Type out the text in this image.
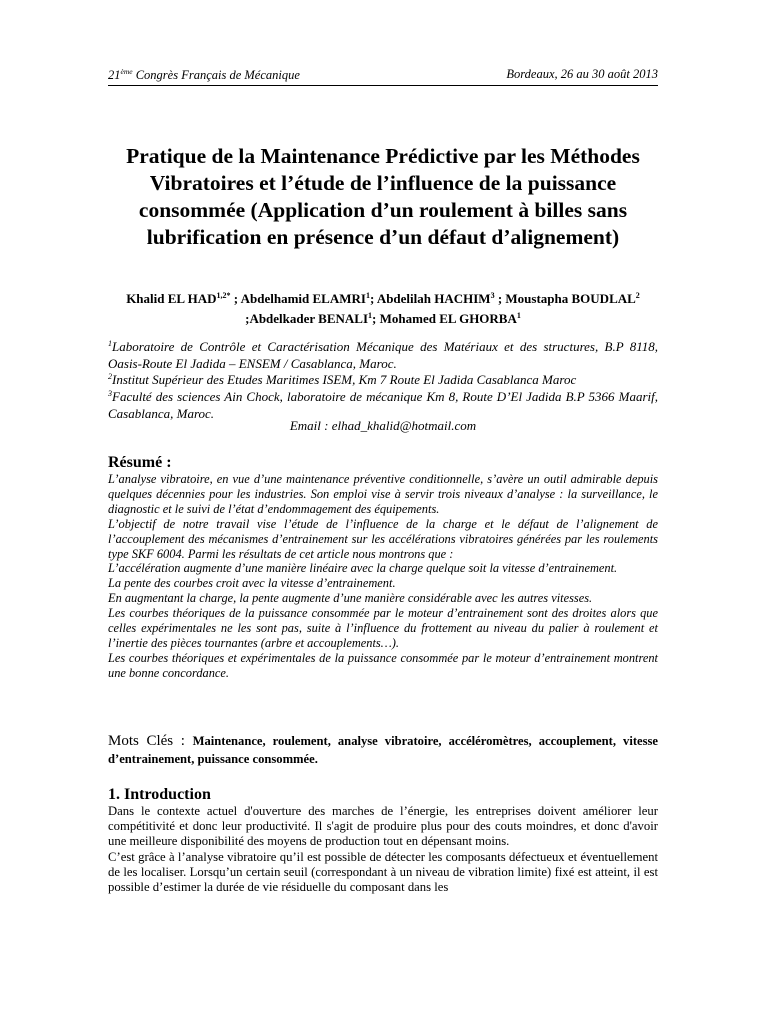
21ème Congrès Français de Mécanique	Bordeaux, 26 au 30 août 2013
Pratique de la Maintenance Prédictive par les Méthodes Vibratoires et l’étude de l’influence de la puissance consommée (Application d’un roulement à billes sans lubrification en présence d’un défaut d’alignement)
Khalid EL $HAD^{1,2*}$ ; Abdelhamid ELAMRI$^1$; Abdelilah HACHIM$^3$ ; Moustapha BOUDLAL$^2$ ;Abdelkader BENALI$^1$; Mohamed EL GHORBA$^1$
$^1$Laboratoire de Contrôle et Caractérisation Mécanique des Matériaux et des structures, B.P 8118, Oasis-Route El Jadida – ENSEM / Casablanca, Maroc.
$^2$Institut Supérieur des Etudes Maritimes ISEM, Km 7 Route El Jadida Casablanca Maroc
$^3$Faculté des sciences Ain Chock, laboratoire de mécanique Km 8, Route D’El Jadida B.P 5366 Maarif, Casablanca, Maroc.
Email : elhad_khalid@hotmail.com
Résumé :

L’analyse vibratoire, en vue d’une maintenance préventive conditionnelle, s’avère un outil admirable depuis quelques décennies pour les industries. Son emploi vise à servir trois niveaux d’analyse : la surveillance, le diagnostic et le suivi de l’état d’endommagement des équipements.

L’objectif de notre travail vise l’étude de l’influence de la charge et le défaut de l’alignement de l’accouplement des mécanismes d’entrainement sur les accélérations vibratoires générées par les roulements type SKF 6004. Parmi les résultats de cet article nous montrons que :

L’accélération augmente d’une manière linéaire avec la charge quelque soit la vitesse d’entrainement.

La pente des courbes croit avec la vitesse d’entrainement.

En augmentant la charge, la pente augmente d’une manière considérable avec les autres vitesses.

Les courbes théoriques de la puissance consommée par le moteur d’entrainement sont des droites alors que celles expérimentales ne les sont pas, suite à l’influence du frottement au niveau du palier à roulement et l’inertie des pièces tournantes (arbre et accouplements…).

Les courbes théoriques et expérimentales de la puissance consommée par le moteur d’entrainement montrent une bonne concordance.

Mots Clés : Maintenance, roulement, analyse vibratoire, accéléromètres, accouplement, vitesse d’entrainement, puissance consommée.
1. Introduction

Dans le contexte actuel d'ouverture des marches de l’énergie, les entreprises doivent améliorer leur compétitivité et donc leur productivité. Il s'agit de produire plus pour des couts moindres, et donc d'avoir une meilleure disponibilité des moyens de production tout en dépensant moins.

C’est grâce à l’analyse vibratoire qu’il est possible de détecter les composants défectueux et éventuellement de les localiser. Lorsqu’un certain seuil (correspondant à un niveau de vibration limite) fixé est atteint, il est possible d’estimer la durée de vie résiduelle du composant dans les
